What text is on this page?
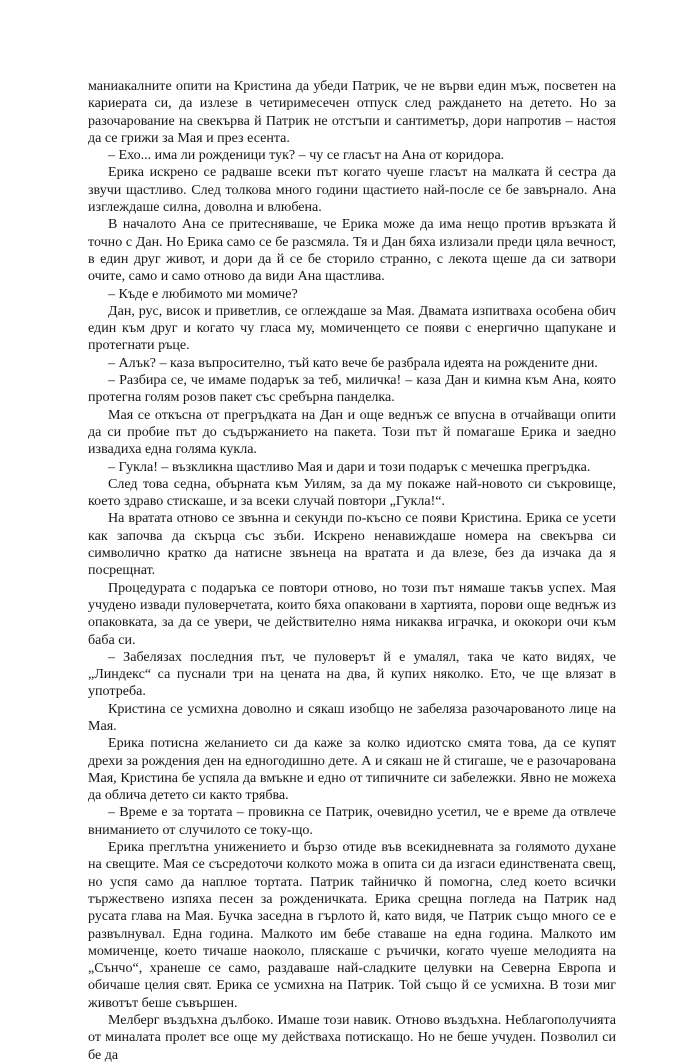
маниакалните опити на Кристина да убеди Патрик, че не върви един мъж, посветен на кариерата си, да излезе в четиримесечен отпуск след раждането на детето. Но за разочарование на свекърва й Патрик не отстъпи и сантиметър, дори напротив – настоя да се грижи за Мая и през есента.

– Ехо... има ли рожденици тук? – чу се гласът на Ана от коридора.

Ерика искрено се радваше всеки път когато чуеше гласът на малката й сестра да звучи щастливо. След толкова много години щастието най-после се бе завърнало. Ана изглеждаше силна, доволна и влюбена.

В началото Ана се притесняваше, че Ерика може да има нещо против връзката й точно с Дан. Но Ерика само се бе разсмяла. Тя и Дан бяха излизали преди цяла вечност, в един друг живот, и дори да й се бе сторило странно, с лекота щеше да си затвори очите, само и само отново да види Ана щастлива.

– Къде е любимото ми момиче?

Дан, рус, висок и приветлив, се оглеждаше за Мая. Двамата изпитваха особена обич един към друг и когато чу гласа му, момиченцето се появи с енергично щапукане и протегнати ръце.

– Алък? – каза въпросително, тъй като вече бе разбрала идеята на рождените дни.

– Разбира се, че имаме подарък за теб, миличка! – каза Дан и кимна към Ана, която протегна голям розов пакет със сребърна панделка.

Мая се откъсна от прегръдката на Дан и още веднъж се впусна в отчайващи опити да си пробие път до съдържанието на пакета. Този път й помагаше Ерика и заедно извадиха една голяма кукла.

– Гукла! – възкликна щастливо Мая и дари и този подарък с мечешка прегръдка.

След това седна, обърната към Уилям, за да му покаже най-новото си съкровище, което здраво стискаше, и за всеки случай повтори „Гукла!“.

На вратата отново се звънна и секунди по-късно се появи Кристина. Ерика се усети как започва да скърца със зъби. Искрено ненавиждаше номера на свекърва си символично кратко да натисне звънеца на вратата и да влезе, без да изчака да я посрещнат.

Процедурата с подаръка се повтори отново, но този път нямаше такъв успех. Мая учудено извади пуловерчетата, които бяха опаковани в хартията, порови още веднъж из опаковката, за да се увери, че действително няма никаква играчка, и ококори очи към баба си.

– Забелязах последния път, че пуловерът й е умалял, така че като видях, че „Линдекс“ са пуснали три на цената на два, й купих няколко. Ето, че ще влязат в употреба.

Кристина се усмихна доволно и сякаш изобщо не забеляза разочарованото лице на Мая.

Ерика потисна желанието си да каже за колко идиотско смята това, да се купят дрехи за рождения ден на едногодишно дете. А и сякаш не й стигаше, че е разочарована Мая, Кристина бе успяла да вмъкне и едно от типичните си забележки. Явно не можеха да облича детето си както трябва.

– Време е за тортата – провикна се Патрик, очевидно усетил, че е време да отвлече вниманието от случилото се току-що.

Ерика преглътна унижението и бързо отиде във всекидневната за голямото духане на свещите. Мая се съсредоточи колкото можа в опита си да изгаси единствената свещ, но успя само да наплюе тортата. Патрик тайничко й помогна, след което всички тържествено изпяха песен за рожденичката. Ерика срещна погледа на Патрик над русата глава на Мая. Бучка заседна в гърлото й, като видя, че Патрик също много се е развълнувал. Една година. Малкото им бебе ставаше на една година. Малкото им момиченце, което тичаше наоколо, пляскаше с ръчички, когато чуеше мелодията на „Сънчо“, хранеше се само, раздаваше най-сладките целувки на Северна Европа и обичаше целия свят. Ерика се усмихна на Патрик. Той също й се усмихна. В този миг животът беше съвършен.

Мелберг въздъхна дълбоко. Имаше този навик. Отново въздъхна. Неблагополучията от миналата пролет все още му действаха потискащо. Но не беше учуден. Позволил си бе да
